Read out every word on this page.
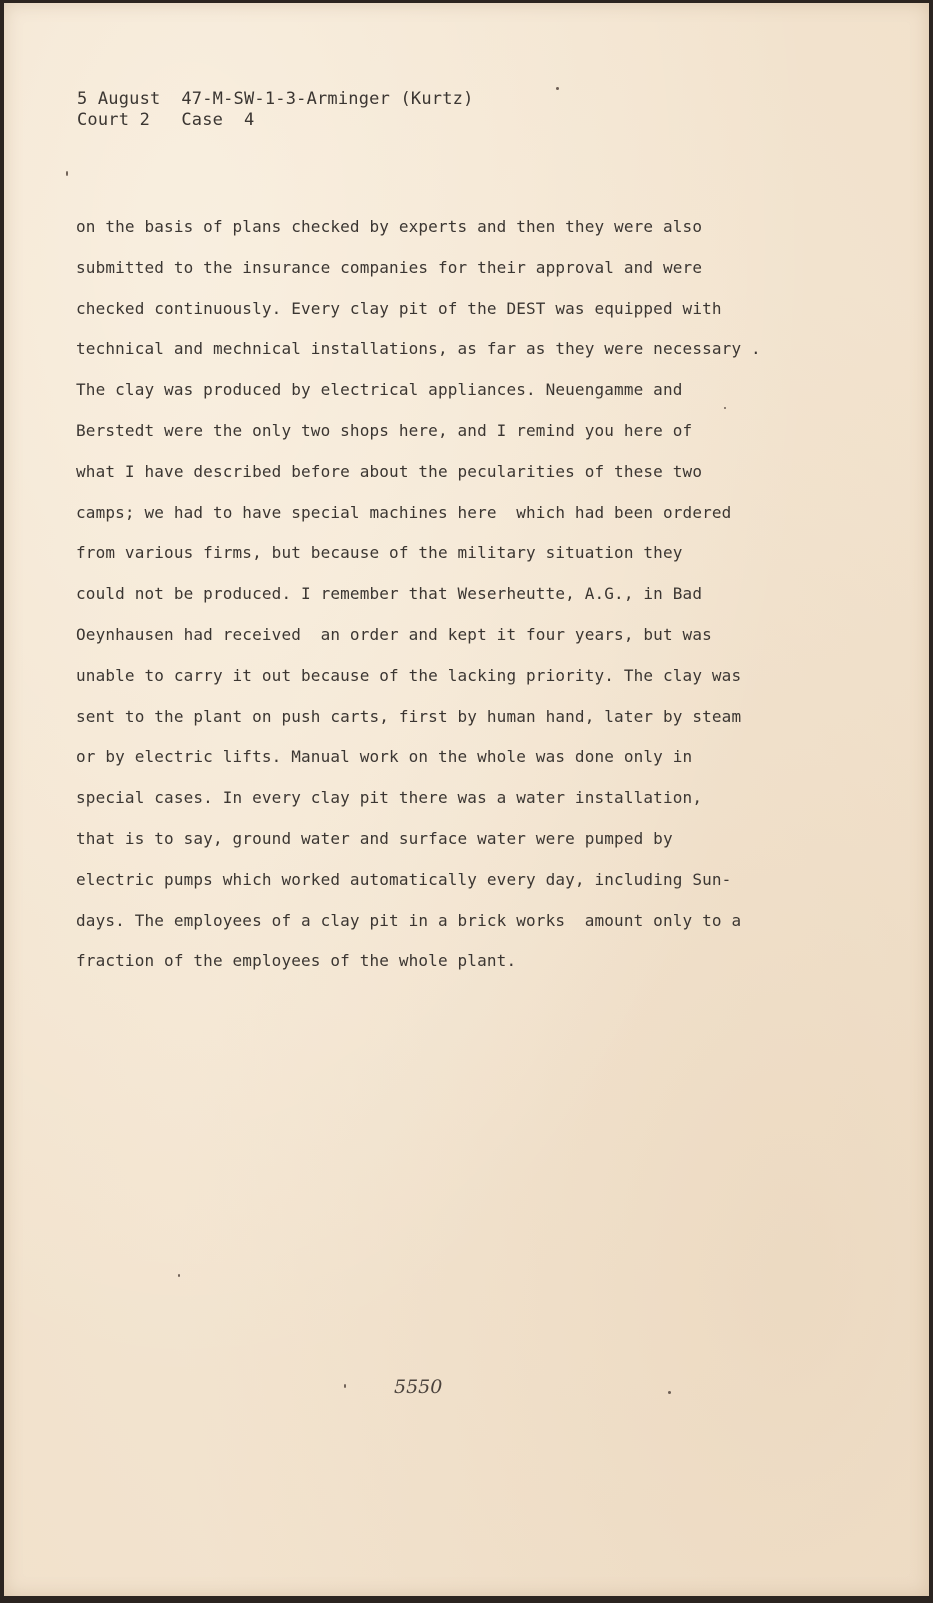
5 August  47-M-SW-1-3-Arminger (Kurtz)
Court 2   Case  4
on the basis of plans checked by experts and then they were also
submitted to the insurance companies for their approval and were
checked continuously. Every clay pit of the DEST was equipped with
technical and mechnical installations, as far as they were necessary .
The clay was produced by electrical appliances. Neuengamme and
Berstedt were the only two shops here, and I remind you here of
what I have described before about the pecularities of these two
camps; we had to have special machines here  which had been ordered
from various firms, but because of the military situation they
could not be produced. I remember that Weserheutte, A.G., in Bad
Oeynhausen had received  an order and kept it four years, but was
unable to carry it out because of the lacking priority. The clay was
sent to the plant on push carts, first by human hand, later by steam
or by electric lifts. Manual work on the whole was done only in
special cases. In every clay pit there was a water installation,
that is to say, ground water and surface water were pumped by
electric pumps which worked automatically every day, including Sun-
days. The employees of a clay pit in a brick works  amount only to a
fraction of the employees of the whole plant.
5550
